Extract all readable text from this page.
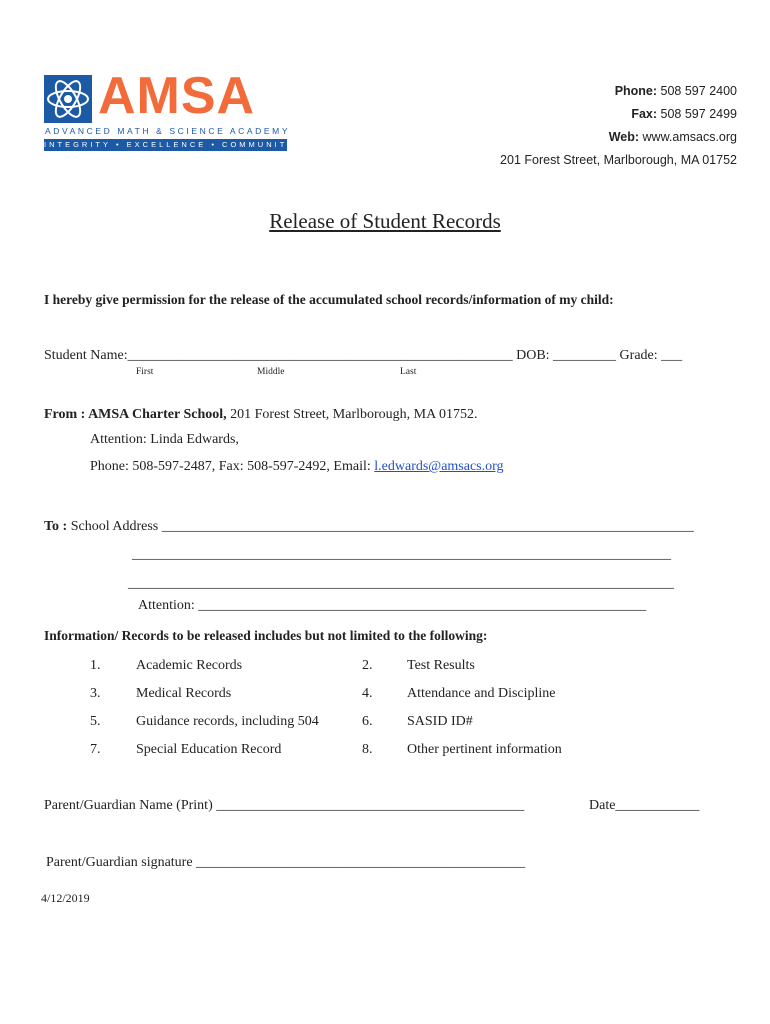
AMSA
ADVANCED MATH & SCIENCE ACADEMY
INTEGRITY • EXCELLENCE • COMMUNITY
Phone: 508 597 2400
Fax: 508 597 2499
Web: www.amsacs.org
201 Forest Street, Marlborough, MA 01752
Release of Student Records
I hereby give permission for the release of the accumulated school records/information of my child:
Student Name:_______________________________________________________ DOB: _________ Grade: ___
First	Middle	Last
From : AMSA Charter School, 201 Forest Street, Marlborough, MA 01752.
Attention: Linda Edwards,
Phone: 508-597-2487, Fax: 508-597-2492, Email: l.edwards@amsacs.org
To : School Address ____________________________________________________________________________
_____________________________________________________________________________
______________________________________________________________________________
Attention: ________________________________________________________________
Information/ Records to be released includes but not limited to the following:
1.	Academic Records	2. Test Results
3.	Medical Records	4. Attendance and Discipline
5.	Guidance records, including 504	6. SASID ID#
7.	Special Education Record	8. Other pertinent information
Parent/Guardian Name (Print) ____________________________________________	Date____________
Parent/Guardian signature _______________________________________________
4/12/2019
